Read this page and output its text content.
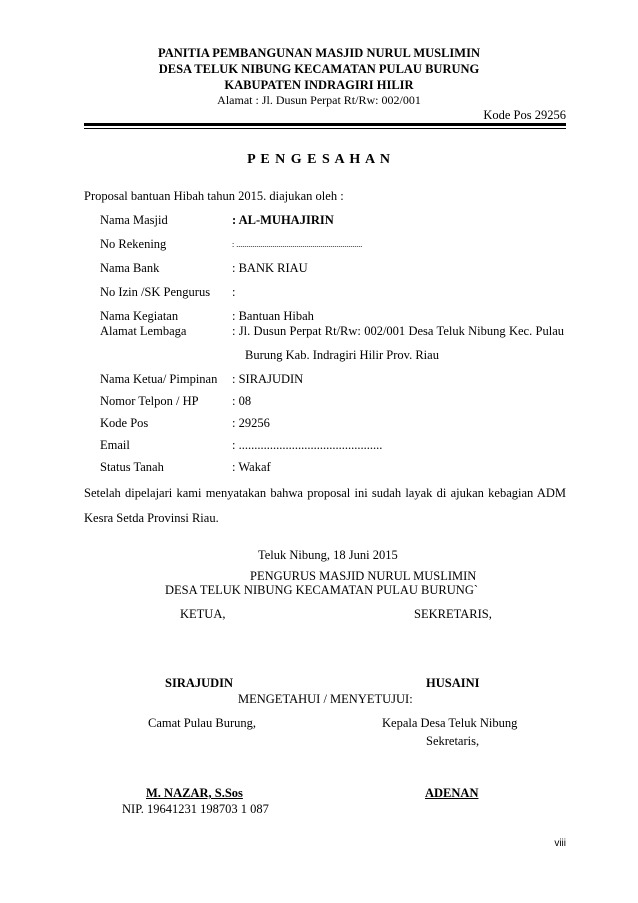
PANITIA PEMBANGUNAN MASJID NURUL MUSLIMIN
DESA TELUK NIBUNG KECAMATAN PULAU BURUNG
KABUPATEN INDRAGIRI HILIR
Alamat : Jl. Dusun Perpat Rt/Rw: 002/001
Kode Pos 29256
P E N G E S A H A N
Proposal bantuan Hibah tahun 2015. diajukan oleh :
Nama Masjid	: AL-MUHAJIRIN
No Rekening	: ...............................................................
Nama Bank	: BANK RIAU
No Izin /SK Pengurus :
Nama Kegiatan	: Bantuan Hibah
Alamat Lembaga	: Jl. Dusun Perpat Rt/Rw: 002/001 Desa Teluk Nibung Kec. Pulau
Burung Kab. Indragiri Hilir Prov. Riau
Nama Ketua/ Pimpinan : SIRAJUDIN
Nomor Telpon / HP	: 08
Kode Pos	: 29256
Email	: ..............................................
Status Tanah	: Wakaf
Setelah dipelajari kami menyatakan bahwa proposal ini sudah layak di ajukan kebagian ADM
Kesra Setda Provinsi Riau.
Teluk Nibung, 18 Juni 2015
PENGURUS MASJID NURUL MUSLIMIN
DESA TELUK NIBUNG KECAMATAN PULAU BURUNG`
KETUA,	SEKRETARIS,
SIRAJUDIN	HUSAINI
MENGETAHUI / MENYETUJUI:
Camat Pulau Burung,	Kepala Desa Teluk Nibung
Sekretaris,
M. NAZAR, S.Sos	ADENAN
NIP. 19641231 198703 1 087
viii
